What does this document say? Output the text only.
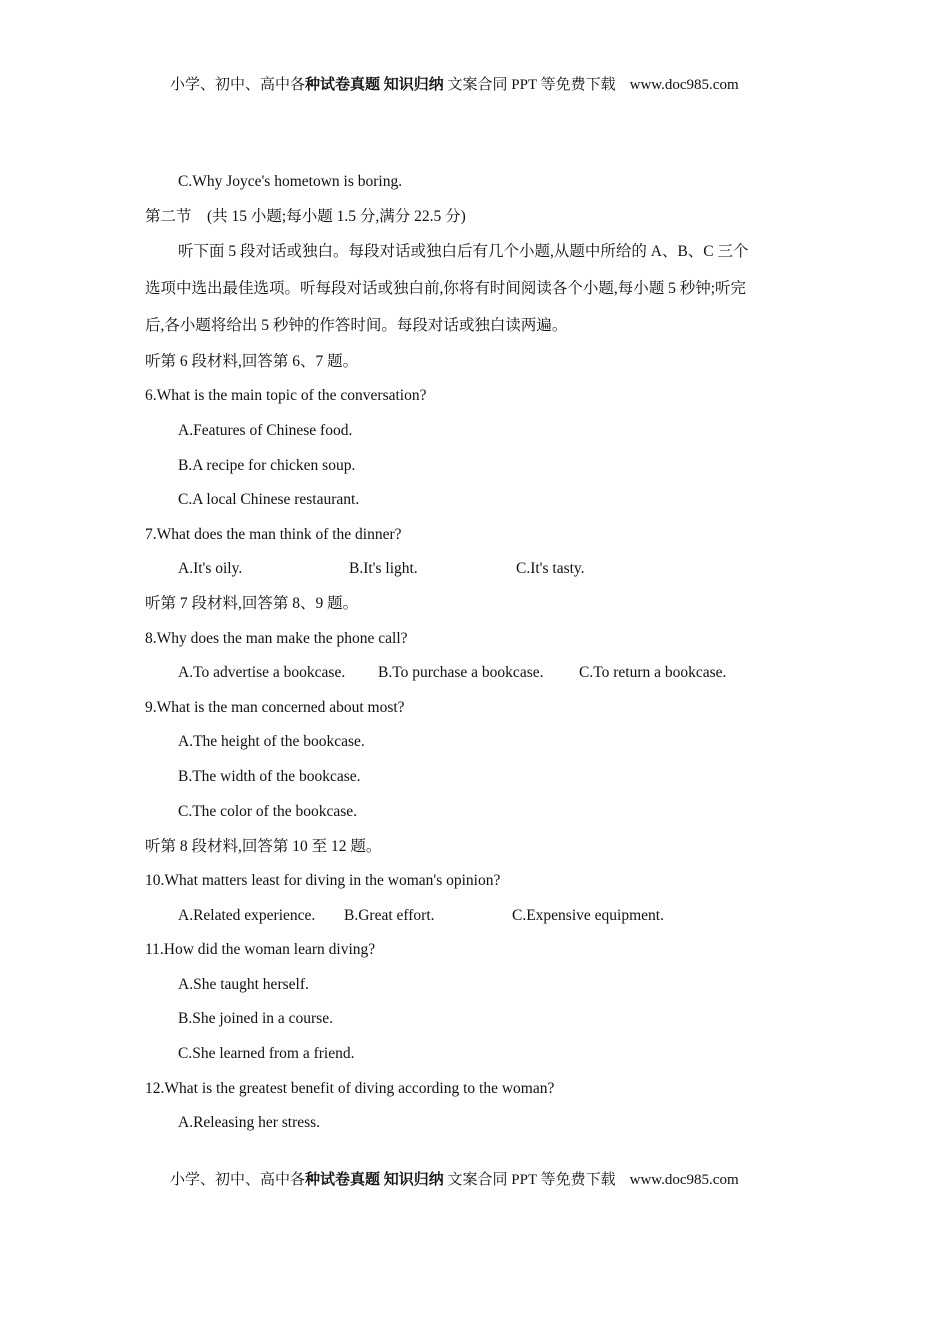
小学、初中、高中各种试卷真题 知识归纳 文案合同 PPT 等免费下载 www.doc985.com
C.Why Joyce's hometown is boring.
第二节　(共 15 小题;每小题 1.5 分,满分 22.5 分)
听下面 5 段对话或独白。每段对话或独白后有几个小题,从题中所给的 A、B、C 三个
选项中选出最佳选项。听每段对话或独白前,你将有时间阅读各个小题,每小题 5 秒钟;听完
后,各小题将给出 5 秒钟的作答时间。每段对话或独白读两遍。
听第 6 段材料,回答第 6、7 题。
6.What is the main topic of the conversation?
A.Features of Chinese food.
B.A recipe for chicken soup.
C.A local Chinese restaurant.
7.What does the man think of the dinner?
A.It's oily.	B.It's light.	C.It's tasty.
听第 7 段材料,回答第 8、9 题。
8.Why does the man make the phone call?
A.To advertise a bookcase. B.To purchase a bookcase. C.To return a bookcase.
9.What is the man concerned about most?
A.The height of the bookcase.
B.The width of the bookcase.
C.The color of the bookcase.
听第 8 段材料,回答第 10 至 12 题。
10.What matters least for diving in the woman's opinion?
A.Related experience. B.Great effort.	C.Expensive equipment.
11.How did the woman learn diving?
A.She taught herself.
B.She joined in a course.
C.She learned from a friend.
12.What is the greatest benefit of diving according to the woman?
A.Releasing her stress.
小学、初中、高中各种试卷真题 知识归纳 文案合同 PPT 等免费下载 www.doc985.com
